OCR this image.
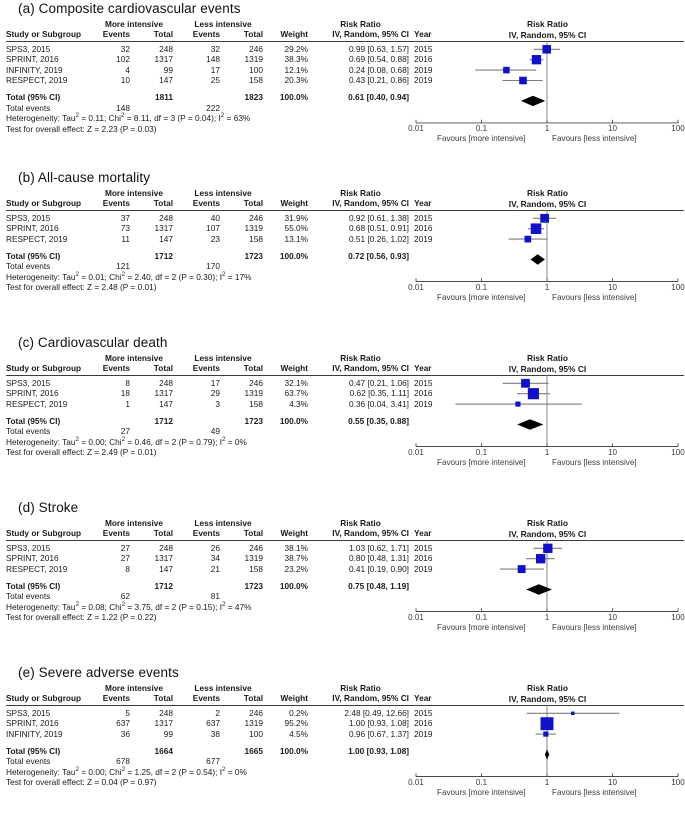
(a) Composite cardiovascular events
	More intensive		Less intensive			Risk Ratio	
Study or Subgroup	Events	Total	Events	Total	Weight	IV, Random, 95% CI	Year
SPS3, 2015	32	248	32	246	29.2%	0.99 [0.63, 1.57]	2015
SPRINT, 2016	102	1317	148	1319	38.3%	0.69 [0.54, 0.88]	2016
INFINITY, 2019	4	99	17	100	12.1%	0.24 [0.08, 0.68]	2019
RESPECT, 2019	10	147	25	158	20.3%	0.43 [0.21, 0.86]	2019

Total (95% CI)		1811		1823	100.0%	0.61 [0.40, 0.94]	
Total events	148		222				
Heterogeneity: Tau$^2$ = 0.11; Chi$^2$ = 8.11, df = 3 (P = 0.04); $I^2 = 63\%$							
Test for overall effect: Z = 2.23 (P = 0.03)							
Risk Ratio
IV, Random, 95% CI
0.01	0.1	1	10	100
Favours [more intensive]	Favours [less intensive]
(b) All-cause mortality
	More intensive		Less intensive			Risk Ratio	
Study or Subgroup	Events	Total	Events	Total	Weight	IV, Random, 95% CI	Year
SPS3, 2015	37	248	40	246	31.9%	0.92 [0.61, 1.38]	2015
SPRINT, 2016	73	1317	107	1319	55.0%	0.68 [0.51, 0.91]	2016
RESPECT, 2019	11	147	23	158	13.1%	0.51 [0.26, 1.02]	2019

Total (95% CI)		1712		1723	100.0%	0.72 [0.56, 0.93]	
Total events	121		170				
Heterogeneity: Tau$^2$ = 0.01; Chi$^2$ = 2.40, df = 2 (P = 0.30); $I^2 = 17\%$							
Test for overall effect: Z = 2.48 (P = 0.01)							
Risk Ratio
IV, Random, 95% CI
0.01	0.1	1	10	100
Favours [more intensive]	Favours [less intensive]
(c) Cardiovascular death
	More intensive		Less intensive			Risk Ratio	
Study or Subgroup	Events	Total	Events	Total	Weight	IV, Random, 95% CI	Year
SPS3, 2015	8	248	17	246	32.1%	0.47 [0.21, 1.06]	2015
SPRINT, 2016	18	1317	29	1319	63.7%	0.62 [0.35, 1.11]	2016
RESPECT, 2019	1	147	3	158	4.3%	0.36 [0.04, 3.41]	2019

Total (95% CI)		1712		1723	100.0%	0.55 [0.35, 0.88]	
Total events	27		49				
Heterogeneity: Tau$^2$ = 0.00; Chi$^2$ = 0.46, df = 2 (P = 0.79); $I^2 = 0\%$							
Test for overall effect: Z = 2.49 (P = 0.01)							
Risk Ratio
IV, Random, 95% CI
0.01	0.1	1	10	100
Favours [more intensive]	Favours [less intensive]
(d) Stroke
	More intensive		Less intensive			Risk Ratio	
Study or Subgroup	Events	Total	Events	Total	Weight	IV, Random, 95% CI	Year
SPS3, 2015	27	248	26	246	38.1%	1.03 [0.62, 1.71]	2015
SPRINT, 2016	27	1317	34	1319	38.7%	0.80 [0.48, 1.31]	2016
RESPECT, 2019	8	147	21	158	23.2%	0.41 [0.19, 0.90]	2019

Total (95% CI)		1712		1723	100.0%	0.75 [0.48, 1.19]	
Total events	62		81				
Heterogeneity: Tau$^2$ = 0.08; Chi$^2$ = 3.75, df = 2 (P = 0.15); $I^2 = 47\%$							
Test for overall effect: Z = 1.22 (P = 0.22)							
Risk Ratio
IV, Random, 95% CI
0.01	0.1	1	10	100
Favours [more intensive]	Favours [less intensive]
(e) Severe adverse events
	More intensive		Less intensive			Risk Ratio	
Study or Subgroup	Events	Total	Events	Total	Weight	IV, Random, 95% CI	Year
SPS3, 2015	5	248	2	246	0.2%	2.48 [0.49, 12.66]	2015
SPRINT, 2016	637	1317	637	1319	95.2%	1.00 [0.93, 1.08]	2016
INFINITY, 2019	36	99	38	100	4.5%	0.96 [0.67, 1.37]	2019

Total (95% CI)		1664		1665	100.0%	1.00 [0.93, 1.08]	
Total events	678		677				
Heterogeneity: Tau$^2$ = 0.00; Chi$^2$ = 1.25, df = 2 (P = 0.54); $I^2 = 0\%$							
Test for overall effect: Z = 0.04 (P = 0.97)							
Risk Ratio
IV, Random, 95% CI
0.01	0.1	1	10	100
Favours [more intensive]	Favours [less intensive]
